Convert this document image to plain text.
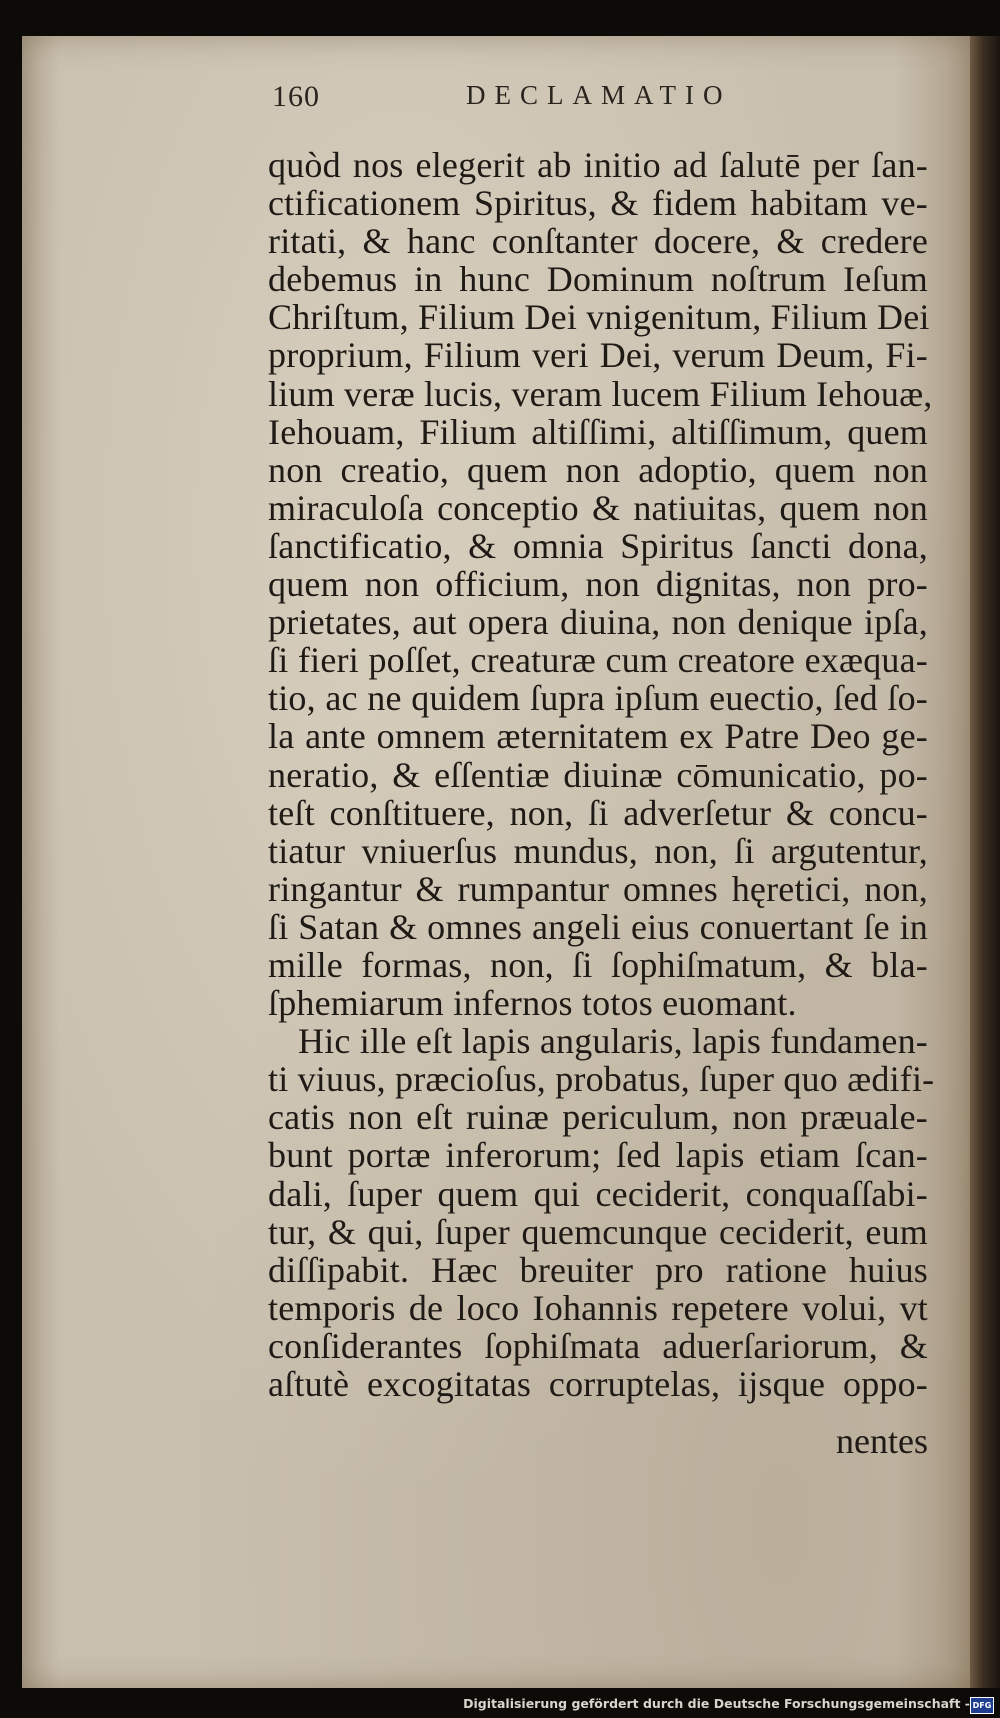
160	DECLAMATIO
quòd nos elegerit ab initio ad ſalutē per ſan-
ctificationem Spiritus, & fidem habitam ve-
ritati, & hanc conſtanter docere, & credere
debemus in hunc Dominum noſtrum Ieſum
Chriſtum, Filium Dei vnigenitum, Filium Dei
proprium, Filium veri Dei, verum Deum, Fi-
lium veræ lucis, veram lucem Filium Iehouæ,
Iehouam, Filium altiſſimi, altiſſimum, quem
non creatio, quem non adoptio, quem non
miraculoſa conceptio & natiuitas, quem non
ſanctificatio, & omnia Spiritus ſancti dona,
quem non officium, non dignitas, non pro-
prietates, aut opera diuina, non denique ipſa,
ſi fieri poſſet, creaturæ cum creatore exæqua-
tio, ac ne quidem ſupra ipſum euectio, ſed ſo-
la ante omnem æternitatem ex Patre Deo ge-
neratio, & eſſentiæ diuinæ cōmunicatio, po-
teſt conſtituere, non, ſi adverſetur & concu-
tiatur vniuerſus mundus, non, ſi argutentur,
ringantur & rumpantur omnes hęretici, non,
ſi Satan & omnes angeli eius conuertant ſe in
mille formas, non, ſi ſophiſmatum, & bla-
ſphemiarum infernos totos euomant.
Hic ille eſt lapis angularis, lapis fundamen-
ti viuus, præcioſus, probatus, ſuper quo ædifi-
catis non eſt ruinæ periculum, non præuale-
bunt portæ inferorum; ſed lapis etiam ſcan-
dali, ſuper quem qui ceciderit, conquaſſabi-
tur, & qui, ſuper quemcunque ceciderit, eum
diſſipabit. Hæc breuiter pro ratione huius
temporis de loco Iohannis repetere volui, vt
conſiderantes ſophiſmata aduerſariorum, &
aſtutè excogitatas corruptelas, ijsque oppo-
nentes
Digitalisierung gefördert durch die Deutsche Forschungsgemeinschaft - DFG
